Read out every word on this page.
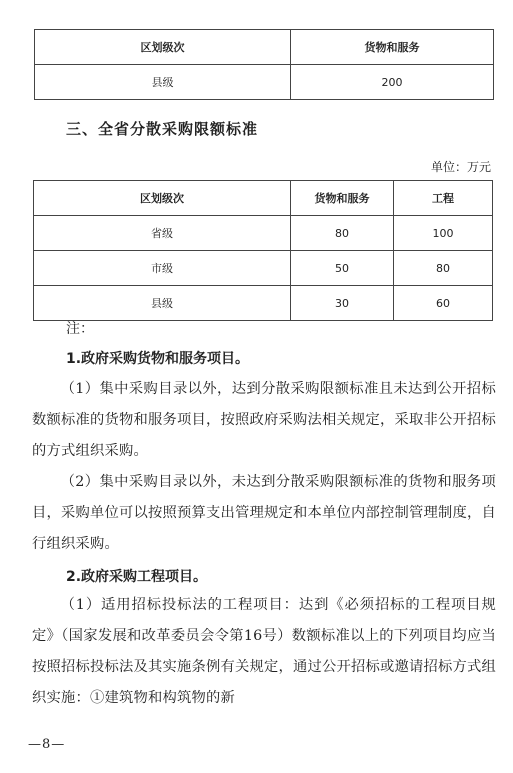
区划级次	货物和服务
县级	200
三、全省分散采购限额标准
单位：万元
区划级次	货物和服务	工程
省级	80	100
市级	50	80
县级	30	60
注：
1.政府采购货物和服务项目。
（1）集中采购目录以外，达到分散采购限额标准且未达到公开招标数额标准的货物和服务项目，按照政府采购法相关规定，采取非公开招标的方式组织采购。
（2）集中采购目录以外，未达到分散采购限额标准的货物和服务项目，采购单位可以按照预算支出管理规定和本单位内部控制管理制度，自行组织采购。
2.政府采购工程项目。
（1）适用招标投标法的工程项目：达到《必须招标的工程项目规定》（国家发展和改革委员会令第16号）数额标准以上的下列项目均应当按照招标投标法及其实施条例有关规定，通过公开招标或邀请招标方式组织实施：①建筑物和构筑物的新
—8—
